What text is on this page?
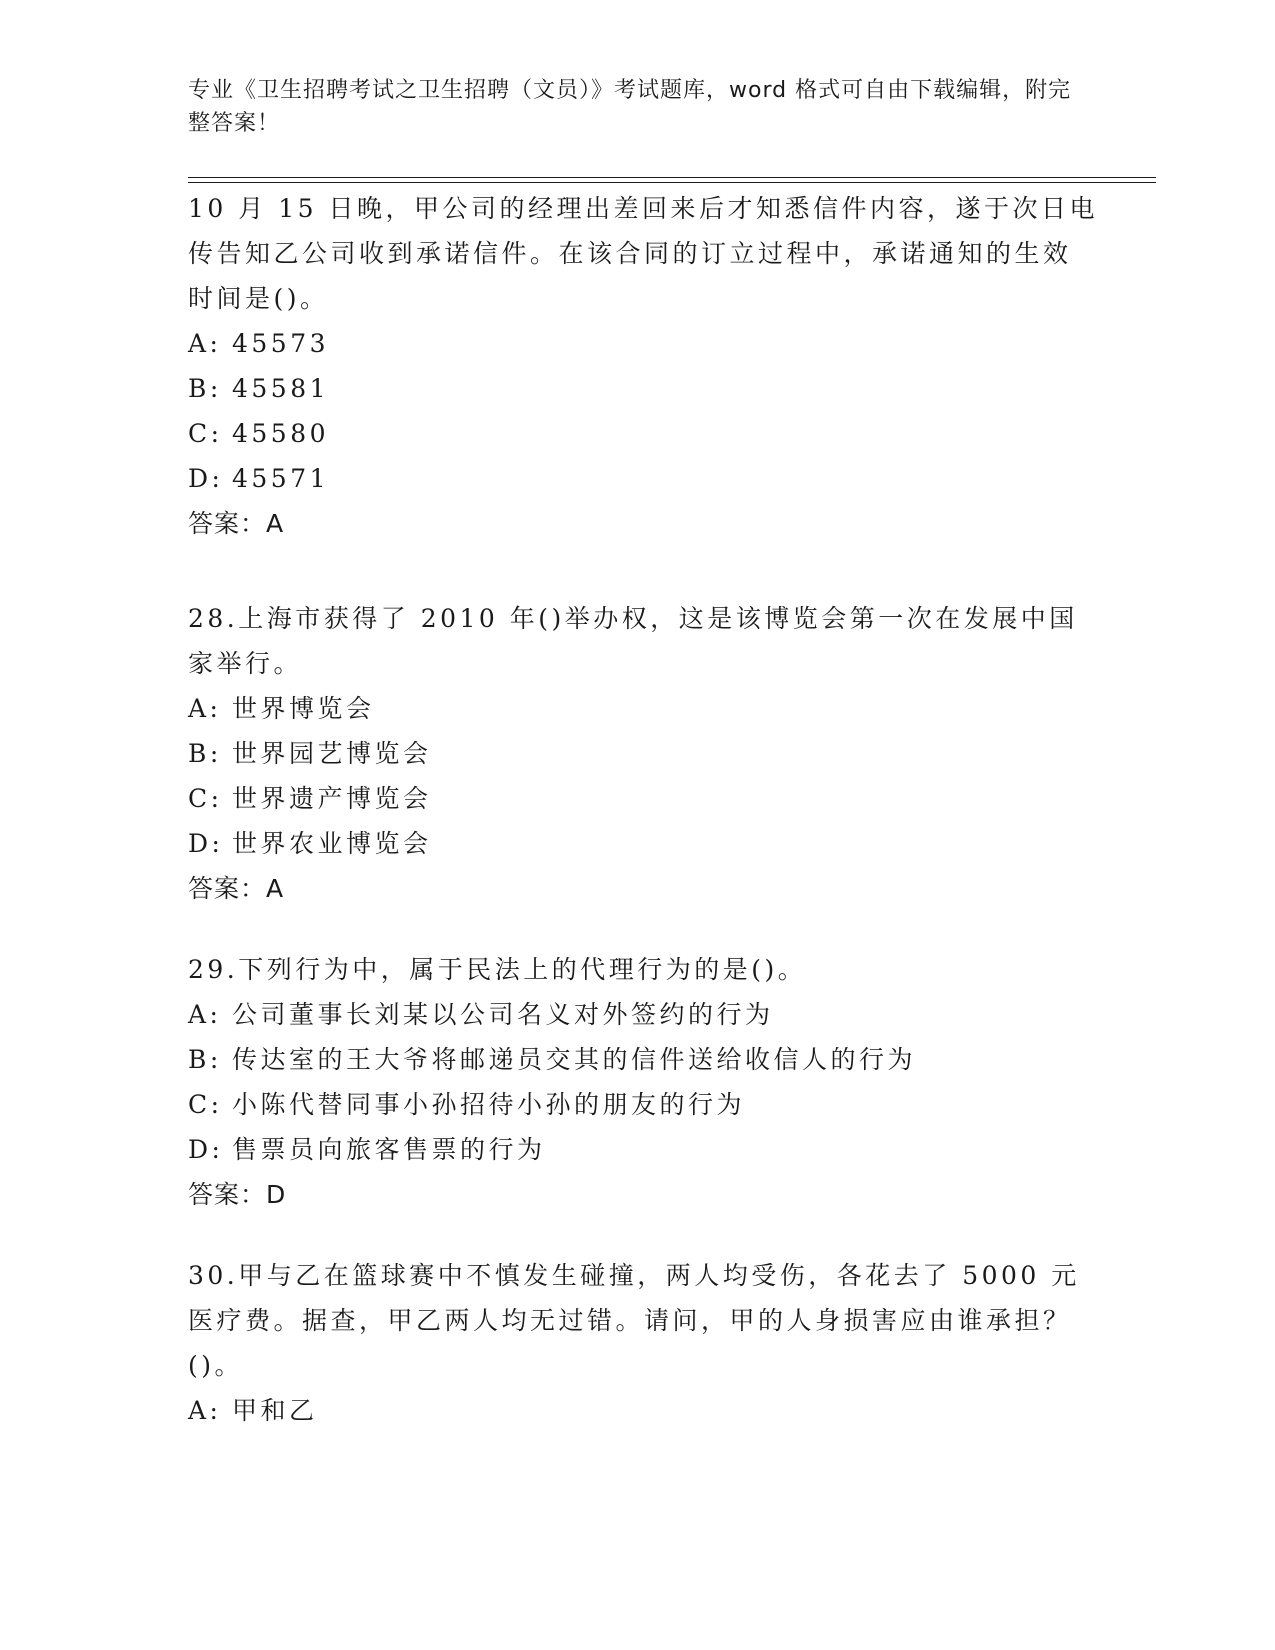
专业《卫生招聘考试之卫生招聘（文员）》考试题库，word 格式可自由下载编辑，附完整答案！

10 月 15 日晚，甲公司的经理出差回来后才知悉信件内容，遂于次日电传告知乙公司收到承诺信件。在该合同的订立过程中，承诺通知的生效时间是()。

A: 45573

B: 45581

C: 45580

D: 45571

答案：A

28.上海市获得了 2010 年()举办权，这是该博览会第一次在发展中国家举行。

A: 世界博览会

B: 世界园艺博览会

C: 世界遗产博览会

D: 世界农业博览会

答案：A

29.下列行为中，属于民法上的代理行为的是()。

A: 公司董事长刘某以公司名义对外签约的行为

B: 传达室的王大爷将邮递员交其的信件送给收信人的行为

C: 小陈代替同事小孙招待小孙的朋友的行为

D: 售票员向旅客售票的行为

答案：D

30.甲与乙在篮球赛中不慎发生碰撞，两人均受伤，各花去了 5000 元医疗费。据查，甲乙两人均无过错。请问，甲的人身损害应由谁承担？()。

A: 甲和乙
